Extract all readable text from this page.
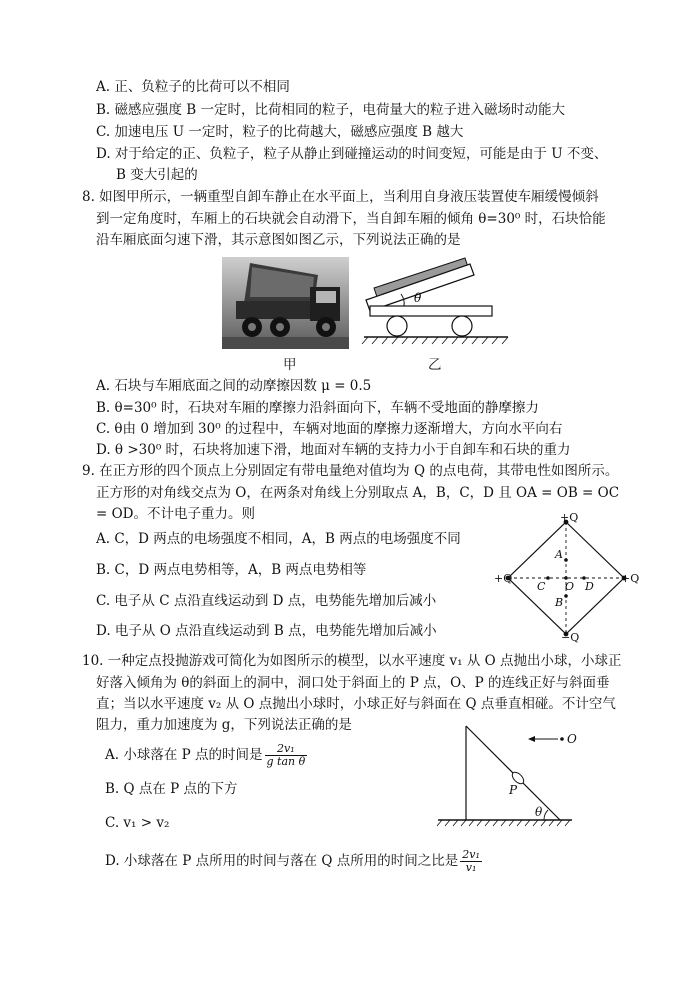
A. 正、负粒子的比荷可以不相同
B. 磁感应强度 B 一定时，比荷相同的粒子，电荷量大的粒子进入磁场时动能大
C. 加速电压 U 一定时，粒子的比荷越大，磁感应强度 B 越大
D. 对于给定的正、负粒子，粒子从静止到碰撞运动的时间变短，可能是由于 U 不变、
B 变大引起的
8. 如图甲所示，一辆重型自卸车静止在水平面上，当利用自身液压装置使车厢缓慢倾斜
到一定角度时，车厢上的石块就会自动滑下，当自卸车厢的倾角 θ=30⁰ 时，石块恰能
沿车厢底面匀速下滑，其示意图如图乙示，下列说法正确的是
甲
θ
乙
A. 石块与车厢底面之间的动摩擦因数 μ = 0.5
B. θ=30⁰ 时，石块对车厢的摩擦力沿斜面向下，车辆不受地面的静摩擦力
C. θ由 0 增加到 30⁰ 的过程中，车辆对地面的摩擦力逐渐增大，方向水平向右
D. θ >30⁰ 时，石块将加速下滑，地面对车辆的支持力小于自卸车和石块的重力
9. 在正方形的四个顶点上分别固定有带电量绝对值均为 Q 的点电荷，其带电性如图所示。
正方形的对角线交点为 O，在两条对角线上分别取点 A，B，C，D 且 OA = OB = OC
= OD。不计电子重力。则
A. C，D 两点的电场强度不相同，A，B 两点的电场强度不同
B. C，D 两点电势相等，A，B 两点电势相等
C. 电子从 C 点沿直线运动到 D 点，电势能先增加后减小
D. 电子从 O 点沿直线运动到 B 点，电势能先增加后减小
+Q
+Q	+Q
−Q
A
B
C	D
O
10. 一种定点投抛游戏可简化为如图所示的模型，以水平速度 v₁ 从 O 点抛出小球，小球正
好落入倾角为 θ的斜面上的洞中，洞口处于斜面上的 P 点，O、P 的连线正好与斜面垂
直；当以水平速度 v₂ 从 O 点抛出小球时，小球正好与斜面在 Q 点垂直相碰。不计空气
阻力，重力加速度为 g，下列说法正确的是
A. 小球落在 P 点的时间是 $\frac{\text{2v₁}}{\text{g tan θ}}$
B. Q 点在 P 点的下方
C. v₁ > v₂
D. 小球落在 P 点所用的时间与落在 Q 点所用的时间之比是 $\frac{\text{2v₁}}{\text{v₁}}$
O
P
θ
